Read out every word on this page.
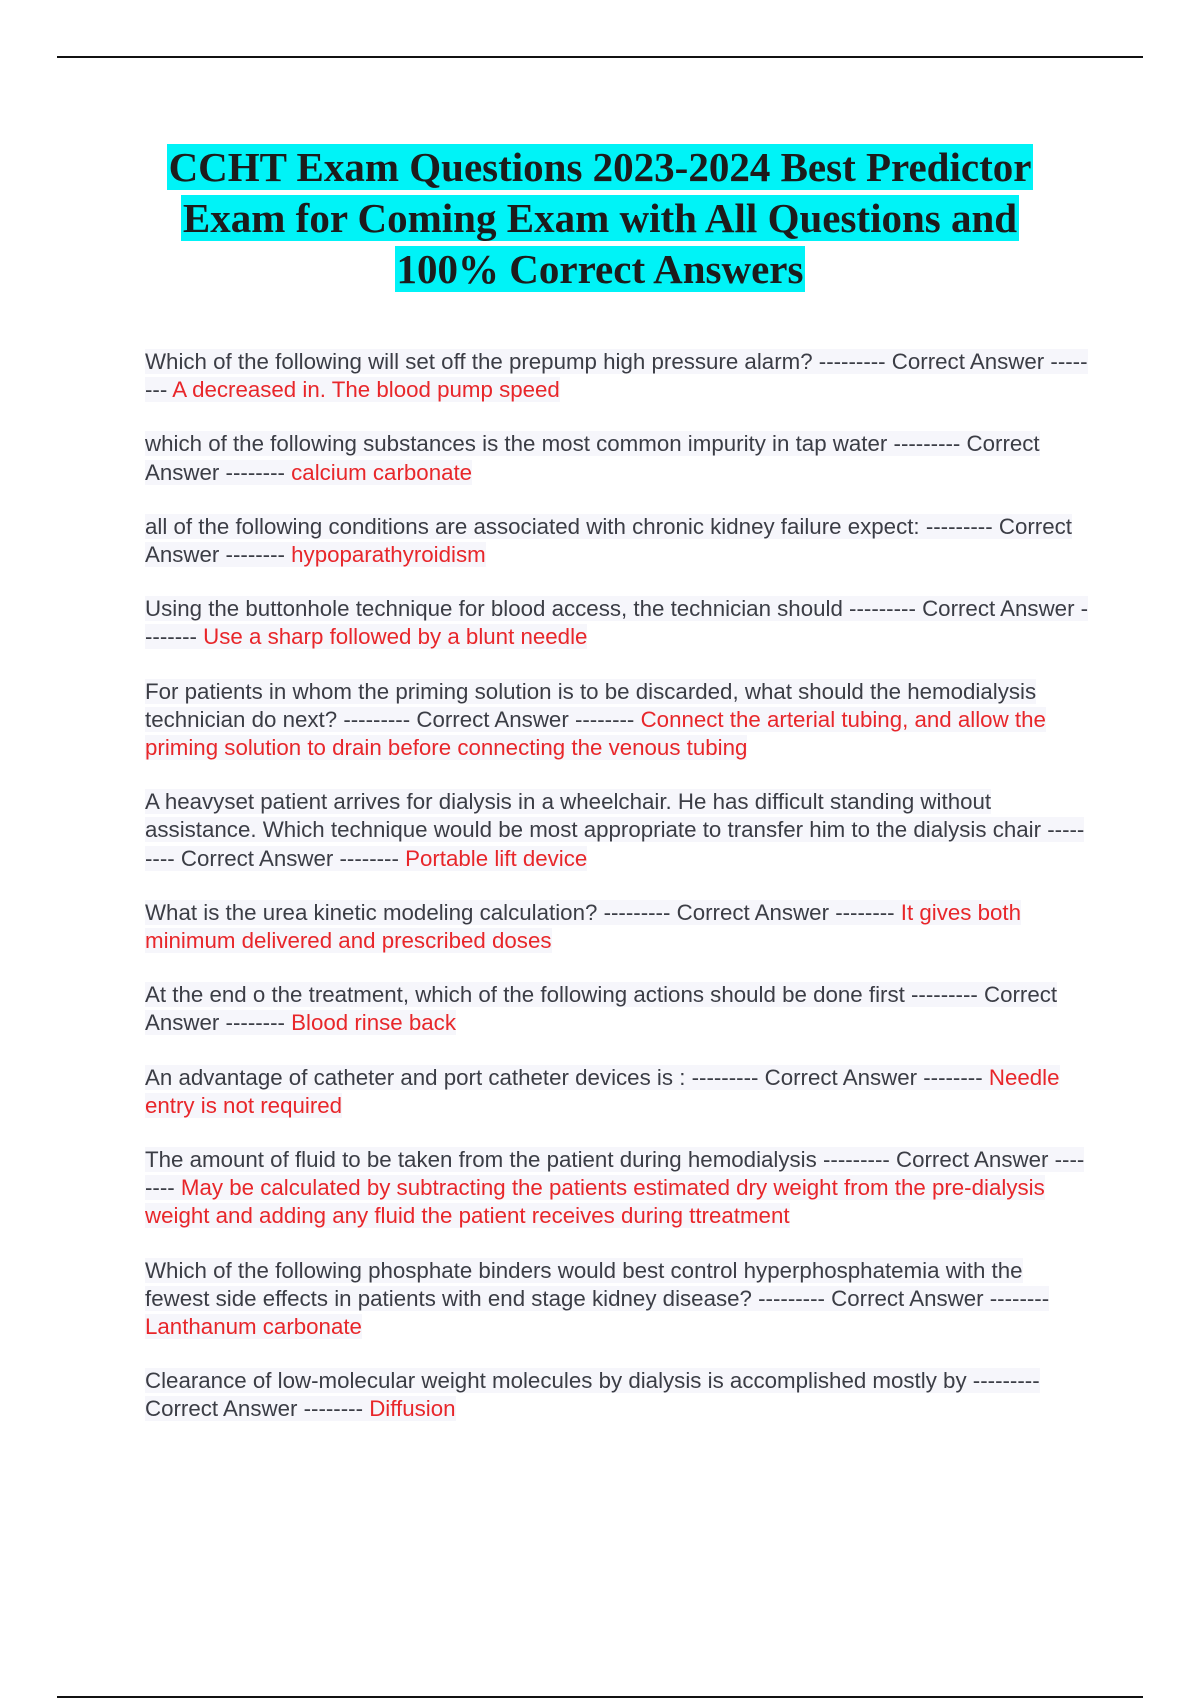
CCHT Exam Questions 2023-2024 Best Predictor
Exam for Coming Exam with All Questions and
100% Correct Answers

Which of the following will set off the prepump high pressure alarm? --------- Correct Answer -------- A decreased in. The blood pump speed

which of the following substances is the most common impurity in tap water --------- Correct Answer -------- calcium carbonate

all of the following conditions are associated with chronic kidney failure expect: --------- Correct Answer -------- hypoparathyroidism

Using the buttonhole technique for blood access, the technician should --------- Correct Answer -------- Use a sharp followed by a blunt needle

For patients in whom the priming solution is to be discarded, what should the hemodialysis technician do next? --------- Correct Answer -------- Connect the arterial tubing, and allow the priming solution to drain before connecting the venous tubing

A heavyset patient arrives for dialysis in a wheelchair. He has difficult standing without assistance. Which technique would be most appropriate to transfer him to the dialysis chair --------- Correct Answer -------- Portable lift device

What is the urea kinetic modeling calculation? --------- Correct Answer -------- It gives both minimum delivered and prescribed doses

At the end o the treatment, which of the following actions should be done first --------- Correct Answer -------- Blood rinse back

An advantage of catheter and port catheter devices is : --------- Correct Answer -------- Needle entry is not required

The amount of fluid to be taken from the patient during hemodialysis --------- Correct Answer -------- May be calculated by subtracting the patients estimated dry weight from the pre-dialysis weight and adding any fluid the patient receives during ttreatment

Which of the following phosphate binders would best control hyperphosphatemia with the fewest side effects in patients with end stage kidney disease? --------- Correct Answer -------- Lanthanum carbonate

Clearance of low-molecular weight molecules by dialysis is accomplished mostly by --------- Correct Answer -------- Diffusion
